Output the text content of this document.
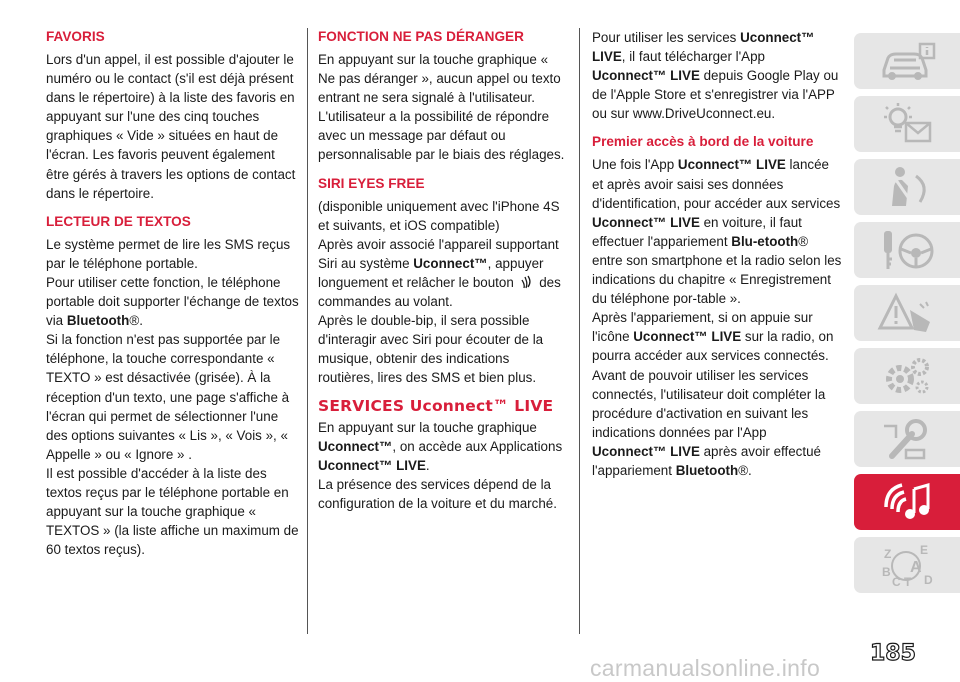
FAVORIS

Lors d'un appel, il est possible d'ajouter le numéro ou le contact (s'il est déjà présent dans le répertoire) à la liste des favoris en appuyant sur l'une des cinq touches graphiques « Vide » situées en haut de l'écran. Les favoris peuvent également être gérés à travers les options de contact dans le répertoire.

LECTEUR DE TEXTOS

Le système permet de lire les SMS reçus par le téléphone portable.

Pour utiliser cette fonction, le téléphone portable doit supporter l'échange de textos via Bluetooth®.

Si la fonction n'est pas supportée par le téléphone, la touche correspondante « TEXTO » est désactivée (grisée). À la réception d'un texto, une page s'affiche à l'écran qui permet de sélectionner l'une des options suivantes « Lis », « Vois », « Appelle » ou « Ignore » .

Il est possible d'accéder à la liste des textos reçus par le téléphone portable en appuyant sur la touche graphique « TEXTOS » (la liste affiche un maximum de 60 textos reçus).

FONCTION NE PAS DÉRANGER

En appuyant sur la touche graphique « Ne pas déranger », aucun appel ou texto entrant ne sera signalé à l'utilisateur. L'utilisateur a la possibilité de répondre avec un message par défaut ou personnalisable par le biais des réglages.

SIRI EYES FREE

(disponible uniquement avec l'iPhone 4S et suivants, et iOS compatible)

Après avoir associé l'appareil supportant Siri au système Uconnect™, appuyer longuement et relâcher le bouton  des commandes au volant.

Après le double-bip, il sera possible d'interagir avec Siri pour écouter de la musique, obtenir des indications routières, lires des SMS et bien plus.

SERVICES Uconnect™ LIVE

En appuyant sur la touche graphique Uconnect™, on accède aux Applications Uconnect™ LIVE.

La présence des services dépend de la configuration de la voiture et du marché.

Pour utiliser les services Uconnect™ LIVE, il faut télécharger l'App Uconnect™ LIVE depuis Google Play ou de l'Apple Store et s'enregistrer via l'APP ou sur www.DriveUconnect.eu.

Premier accès à bord de la voiture

Une fois l'App Uconnect™ LIVE lancée et après avoir saisi ses données d'identification, pour accéder aux services Uconnect™ LIVE en voiture, il faut effectuer l'appariement Blu-etooth® entre son smartphone et la radio selon les indications du chapitre « Enregistrement du téléphone por-table ».

Après l'appariement, si on appuie sur l'icône Uconnect™ LIVE sur la radio, on pourra accéder aux services connectés.

Avant de pouvoir utiliser les services connectés, l'utilisateur doit compléter la procédure d'activation en suivant les indications données par l'App Uconnect™ LIVE après avoir effectué l'appariement Bluetooth®.

Z E
B A
C T D
185
carmanualsonline.info
